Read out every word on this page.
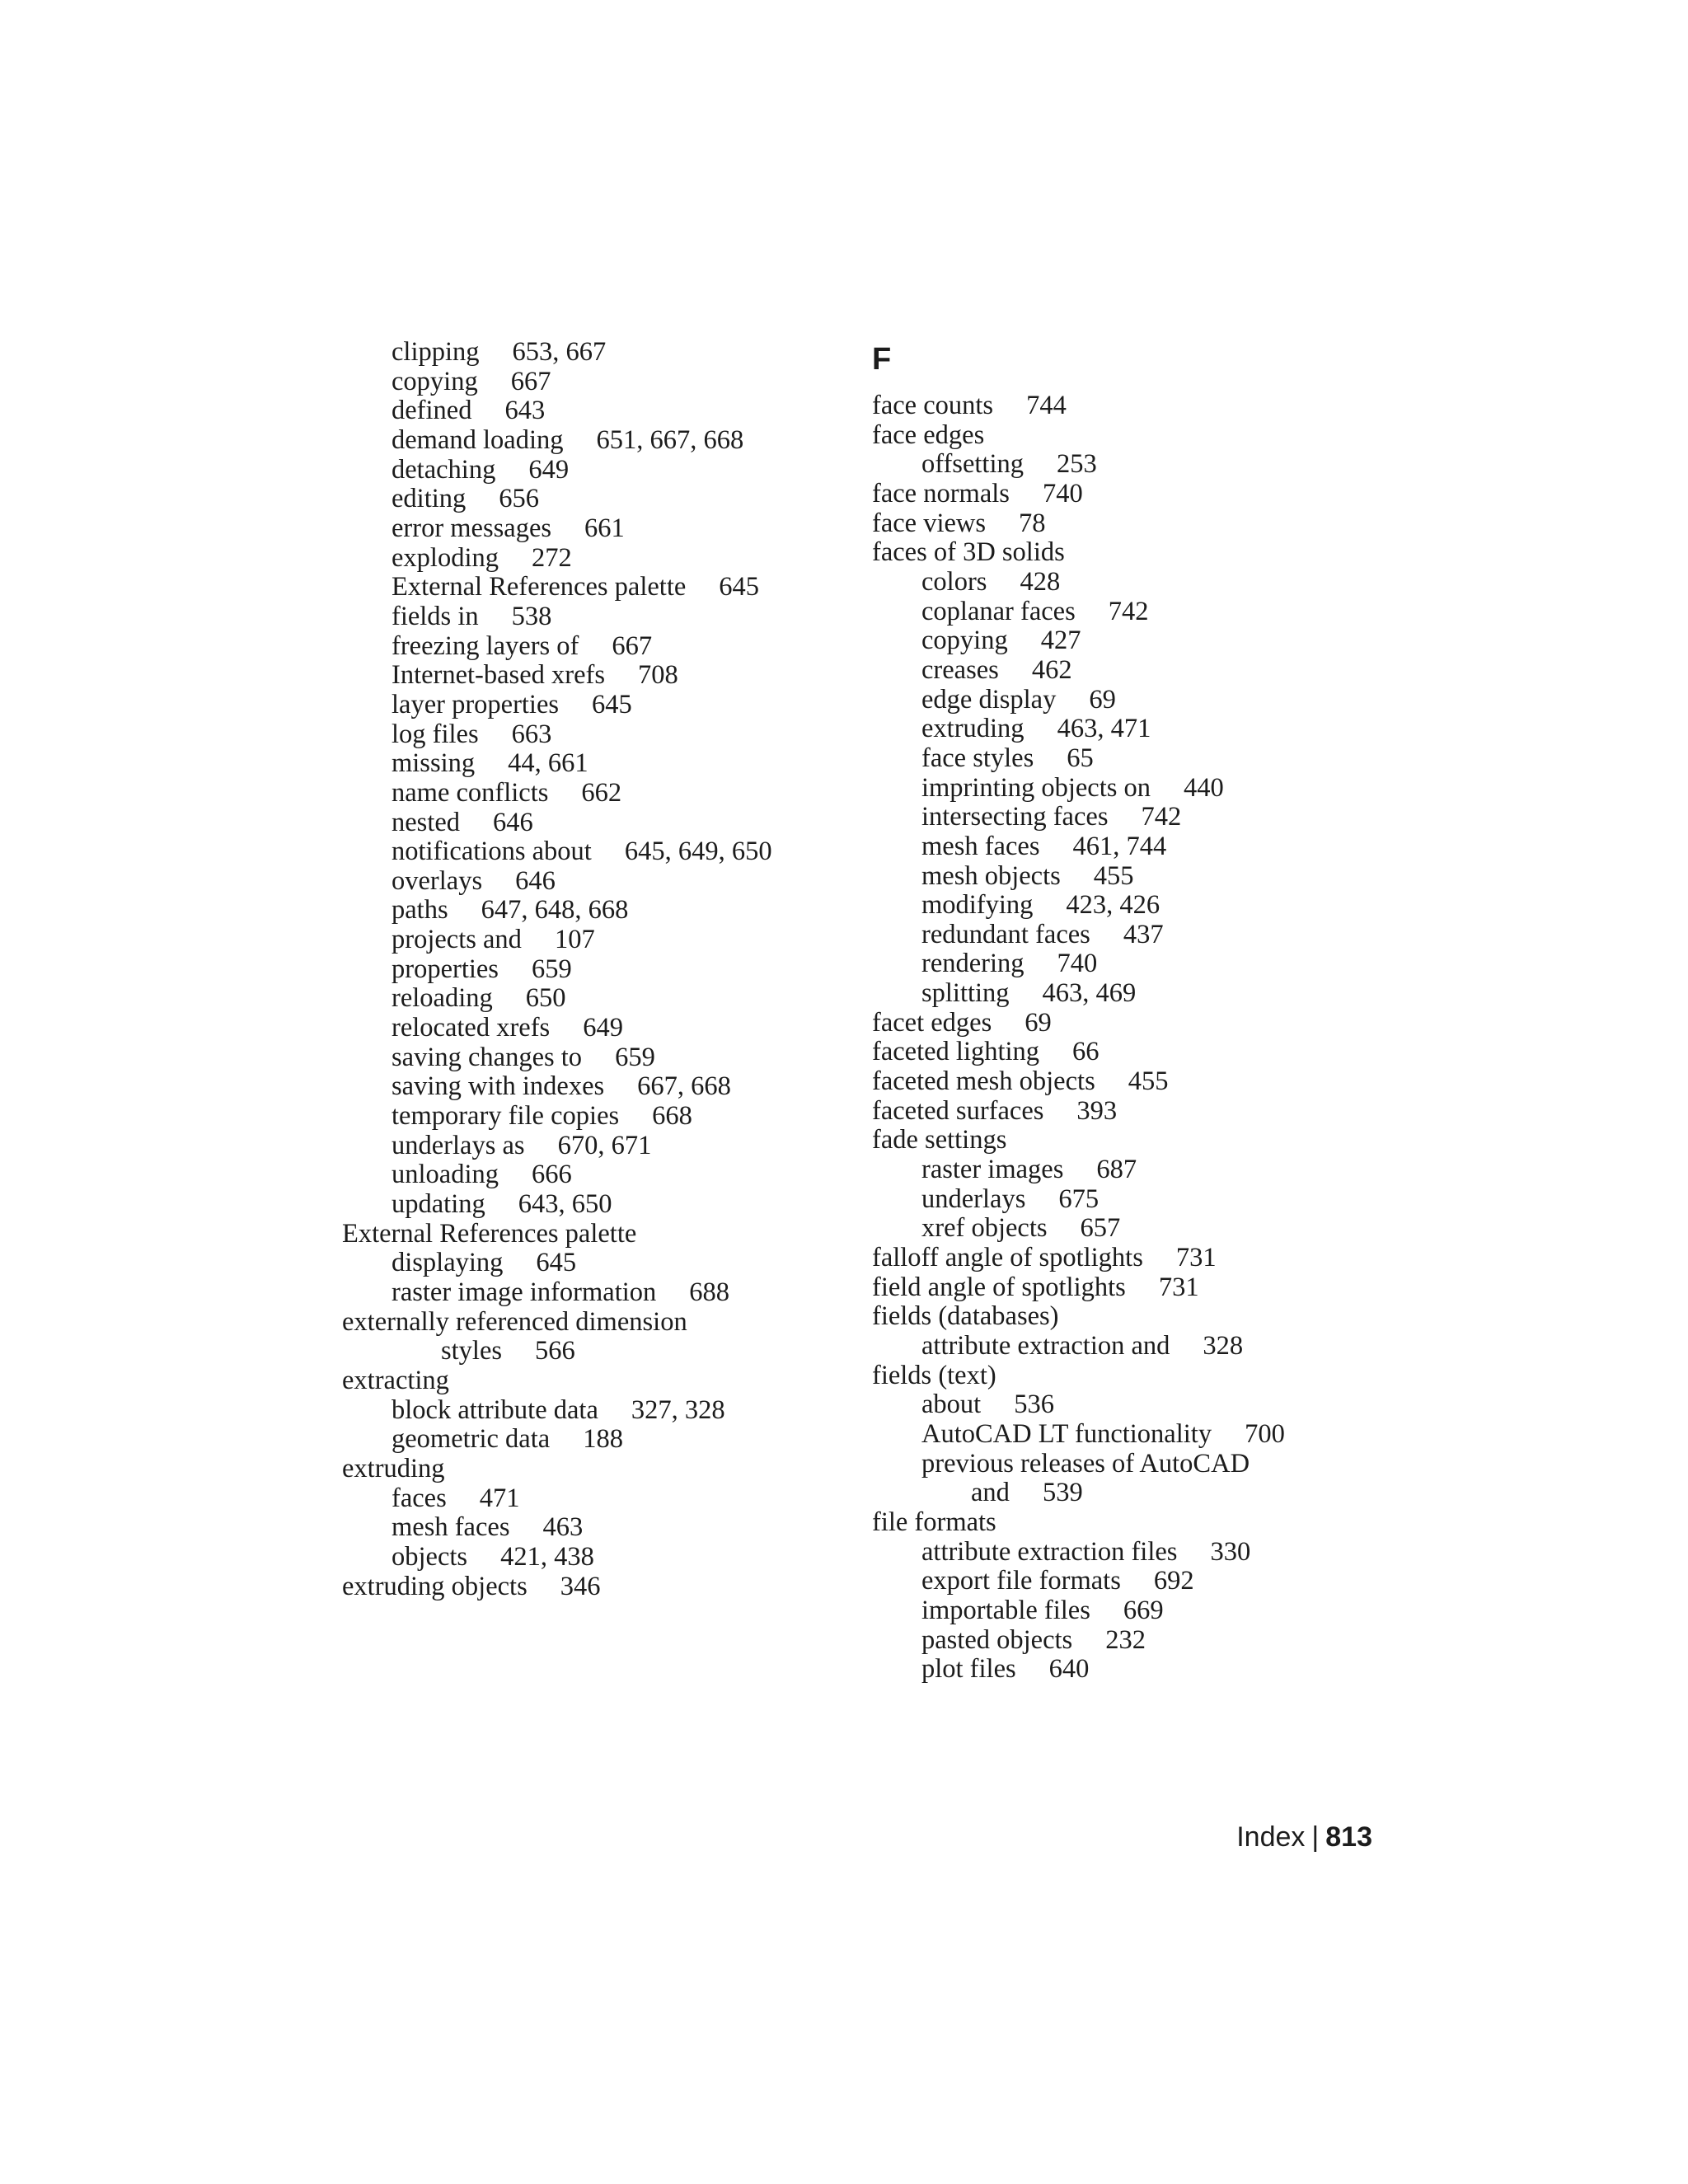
clipping 653, 667
copying 667
defined 643
demand loading 651, 667, 668
detaching 649
editing 656
error messages 661
exploding 272
External References palette 645
fields in 538
freezing layers of 667
Internet-based xrefs 708
layer properties 645
log files 663
missing 44, 661
name conflicts 662
nested 646
notifications about 645, 649, 650
overlays 646
paths 647, 648, 668
projects and 107
properties 659
reloading 650
relocated xrefs 649
saving changes to 659
saving with indexes 667, 668
temporary file copies 668
underlays as 670, 671
unloading 666
updating 643, 650
External References palette
displaying 645
raster image information 688
externally referenced dimension
styles 566
extracting
block attribute data 327, 328
geometric data 188
extruding
faces 471
mesh faces 463
objects 421, 438
extruding objects 346
F
face counts 744
face edges
offsetting 253
face normals 740
face views 78
faces of 3D solids
colors 428
coplanar faces 742
copying 427
creases 462
edge display 69
extruding 463, 471
face styles 65
imprinting objects on 440
intersecting faces 742
mesh faces 461, 744
mesh objects 455
modifying 423, 426
redundant faces 437
rendering 740
splitting 463, 469
facet edges 69
faceted lighting 66
faceted mesh objects 455
faceted surfaces 393
fade settings
raster images 687
underlays 675
xref objects 657
falloff angle of spotlights 731
field angle of spotlights 731
fields (databases)
attribute extraction and 328
fields (text)
about 536
AutoCAD LT functionality 700
previous releases of AutoCAD
and 539
file formats
attribute extraction files 330
export file formats 692
importable files 669
pasted objects 232
plot files 640
Index | 813
